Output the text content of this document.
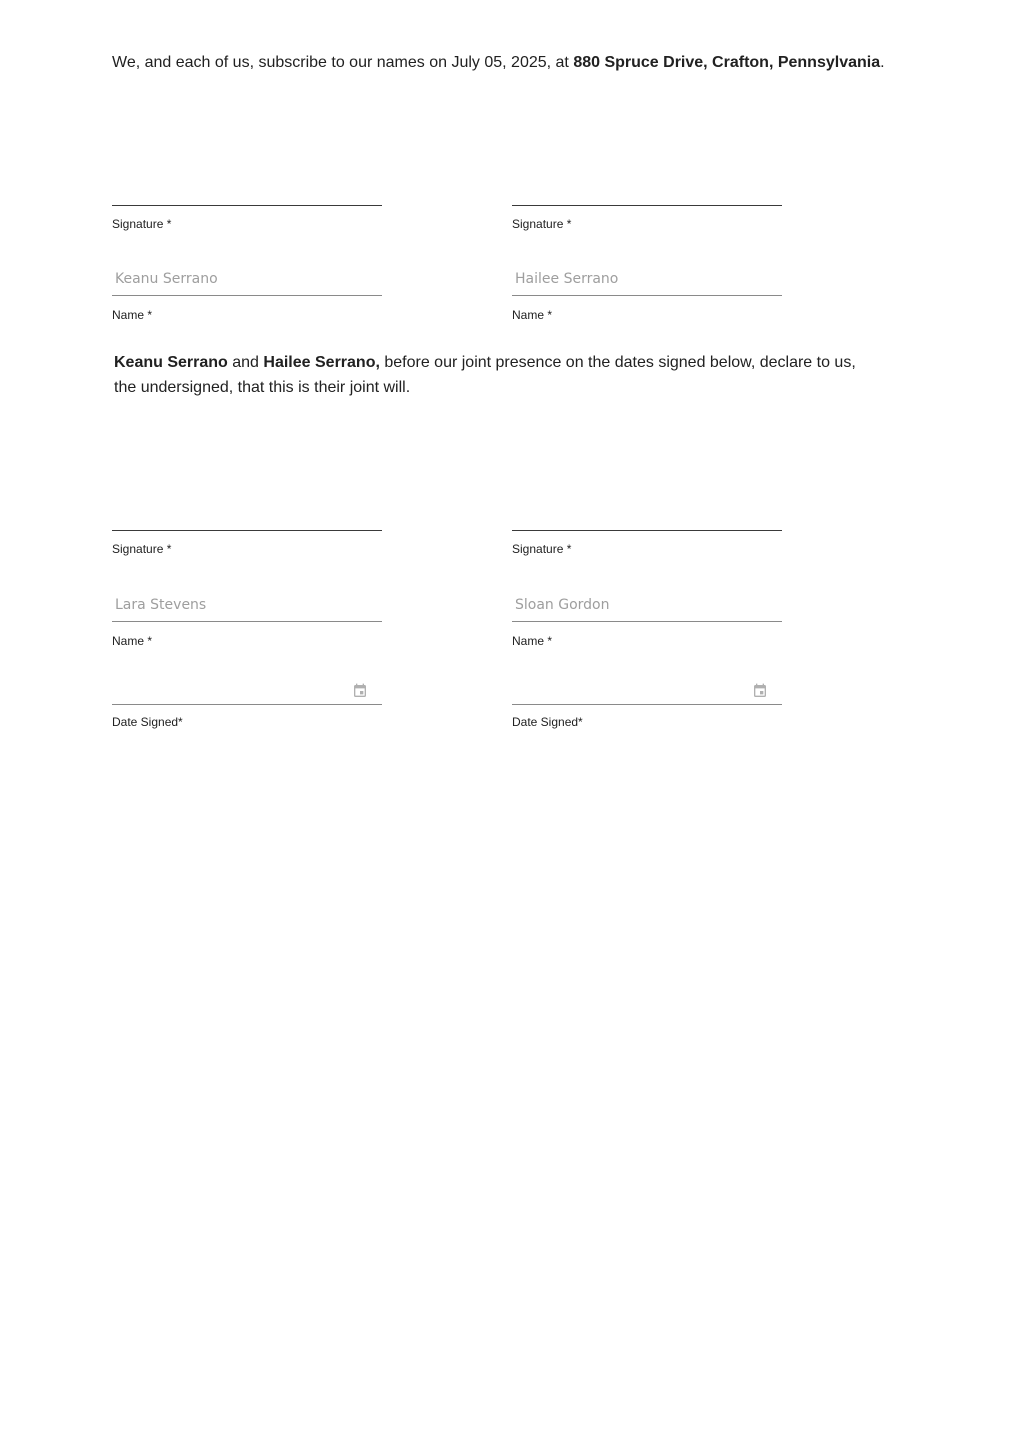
We, and each of us, subscribe to our names on July 05, 2025, at 880 Spruce Drive, Crafton, Pennsylvania.

Signature *
Keanu Serrano
Name *
Signature *
Hailee Serrano
Name *

Keanu Serrano and Hailee Serrano, before our joint presence on the dates signed below, declare to us, the undersigned, that this is their joint will.

Signature *
Lara Stevens
Name *
Date Signed*
Signature *
Sloan Gordon
Name *
Date Signed*
